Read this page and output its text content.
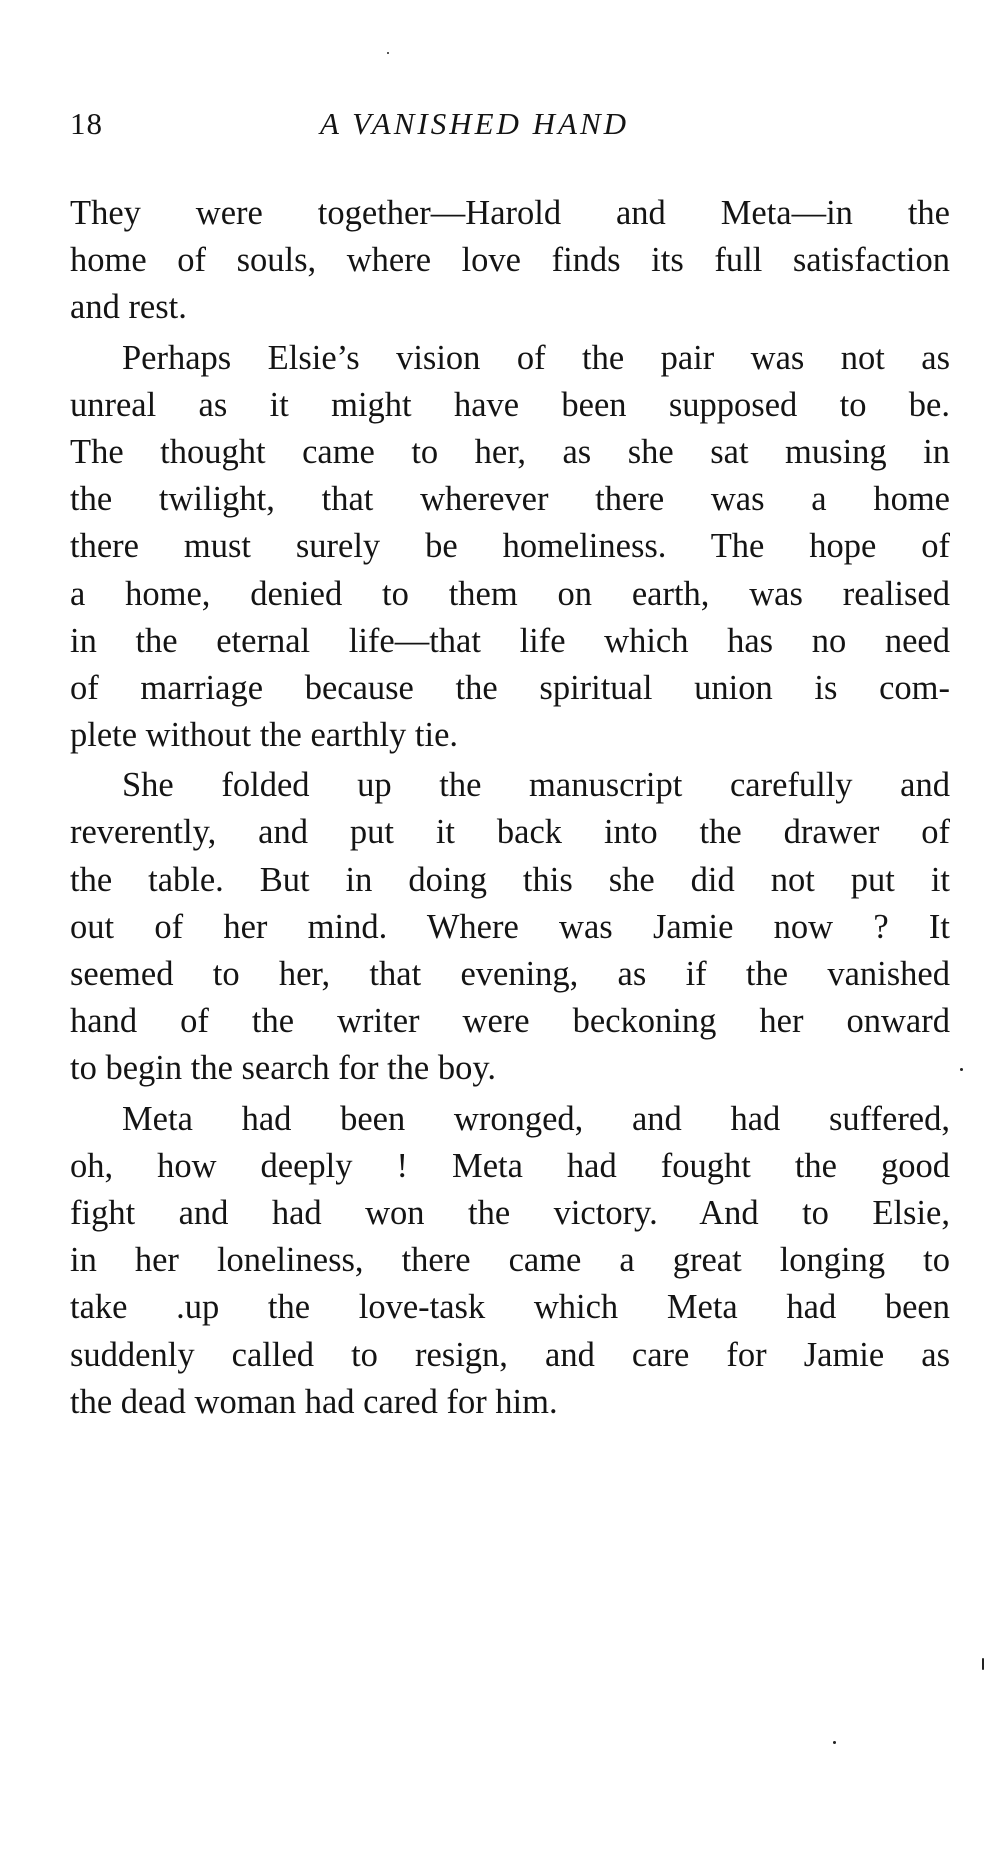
18	A VANISHED HAND
They were together—Harold and Meta—in the
home of souls, where love finds its full satisfaction
and rest.
Perhaps Elsie’s vision of the pair was not as
unreal as it might have been supposed to be.
The thought came to her, as she sat musing in
the twilight, that wherever there was a home
there must surely be homeliness. The hope of
a home, denied to them on earth, was realised
in the eternal life—that life which has no need
of marriage because the spiritual union is com-
plete without the earthly tie.
She folded up the manuscript carefully and
reverently, and put it back into the drawer of
the table. But in doing this she did not put it
out of her mind. Where was Jamie now ? It
seemed to her, that evening, as if the vanished
hand of the writer were beckoning her onward
to begin the search for the boy.
Meta had been wronged, and had suffered,
oh, how deeply ! Meta had fought the good
fight and had won the victory. And to Elsie,
in her loneliness, there came a great longing to
take .up the love-task which Meta had been
suddenly called to resign, and care for Jamie as
the dead woman had cared for him.
